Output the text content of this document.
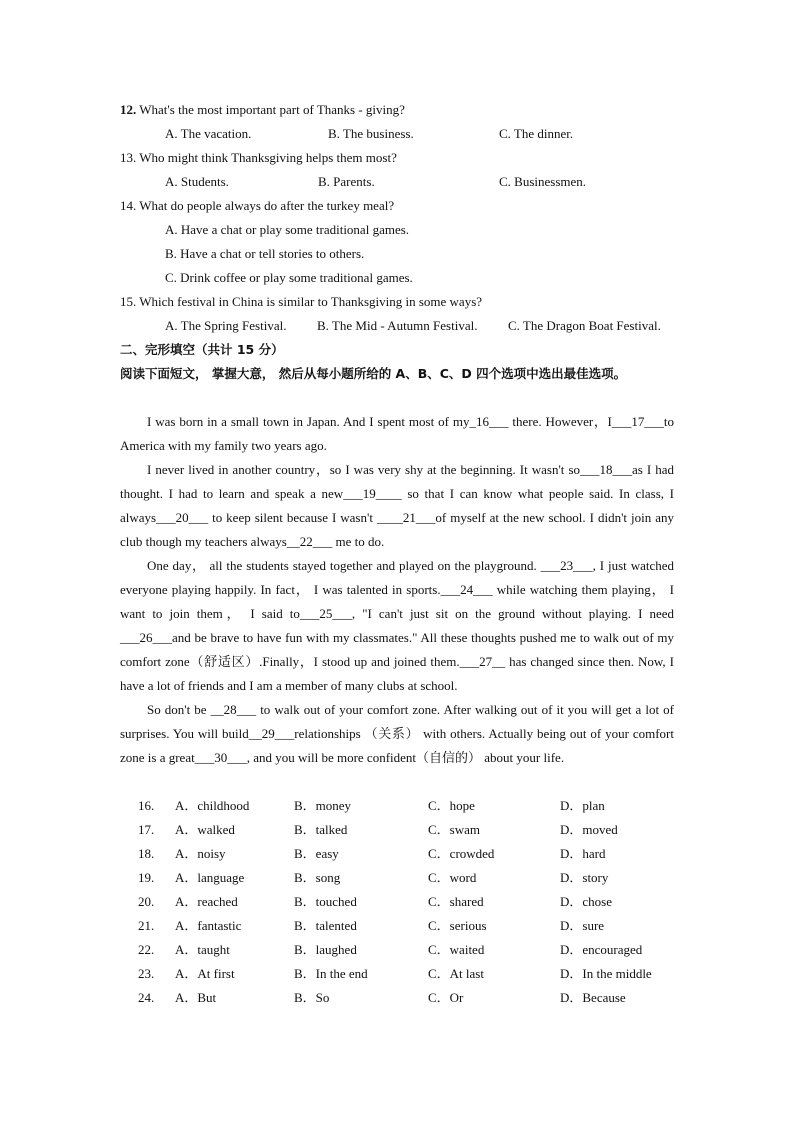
12. What's the most important part of Thanks - giving?
A. The vacation.	B. The business.	C. The dinner.
13. Who might think Thanksgiving helps them most?
A. Students.	B. Parents.	C. Businessmen.
14. What do people always do after the turkey meal?
A. Have a chat or play some traditional games.
B. Have a chat or tell stories to others.
C. Drink coffee or play some traditional games.
15. Which festival in China is similar to Thanksgiving in some ways?
A. The Spring Festival. B. The Mid - Autumn Festival. C. The Dragon Boat Festival.
二、完形填空（共计 15 分）
阅读下面短文， 掌握大意， 然后从每小题所给的 A、B、C、D 四个选项中选出最佳选项。
I was born in a small town in Japan. And I spent most of my_16___ there. However，I___17___to America with my family two years ago.
I never lived in another country，so I was very shy at the beginning. It wasn't so___18___as I had thought. I had to learn and speak a new___19____ so that I can know what people said. In class, I always___20___ to keep silent because I wasn't ____21___of myself at the new school. I didn't join any club though my teachers always__22___ me to do.
One day， all the students stayed together and played on the playground. ___23___, I just watched everyone playing happily. In fact， I was talented in sports.___24___ while watching them playing， I want to join them， I said to___25___, "I can't just sit on the ground without playing. I need ___26___and be brave to have fun with my classmates." All these thoughts pushed me to walk out of my comfort zone（舒适区）.Finally，I stood up and joined them.___27__ has changed since then. Now, I have a lot of friends and I am a member of many clubs at school.
So don't be __28___ to walk out of your comfort zone. After walking out of it you will get a lot of surprises. You will build__29___relationships （关系） with others. Actually being out of your comfort zone is a great___30___, and you will be more confident（自信的） about your life.
16. A．childhood	B．money	C．hope	D．plan
17. A．walked	B．talked	C．swam	D．moved
18. A．noisy	B．easy	C．crowded	D．hard
19. A．language	B．song	C．word	D．story
20. A．reached	B．touched	C．shared	D．chose
21. A．fantastic	B．talented	C．serious	D．sure
22. A．taught	B．laughed	C．waited	D．encouraged
23. A．At first	B．In the end	C．At last	D．In the middle
24. A．But	B．So	C．Or	D．Because
